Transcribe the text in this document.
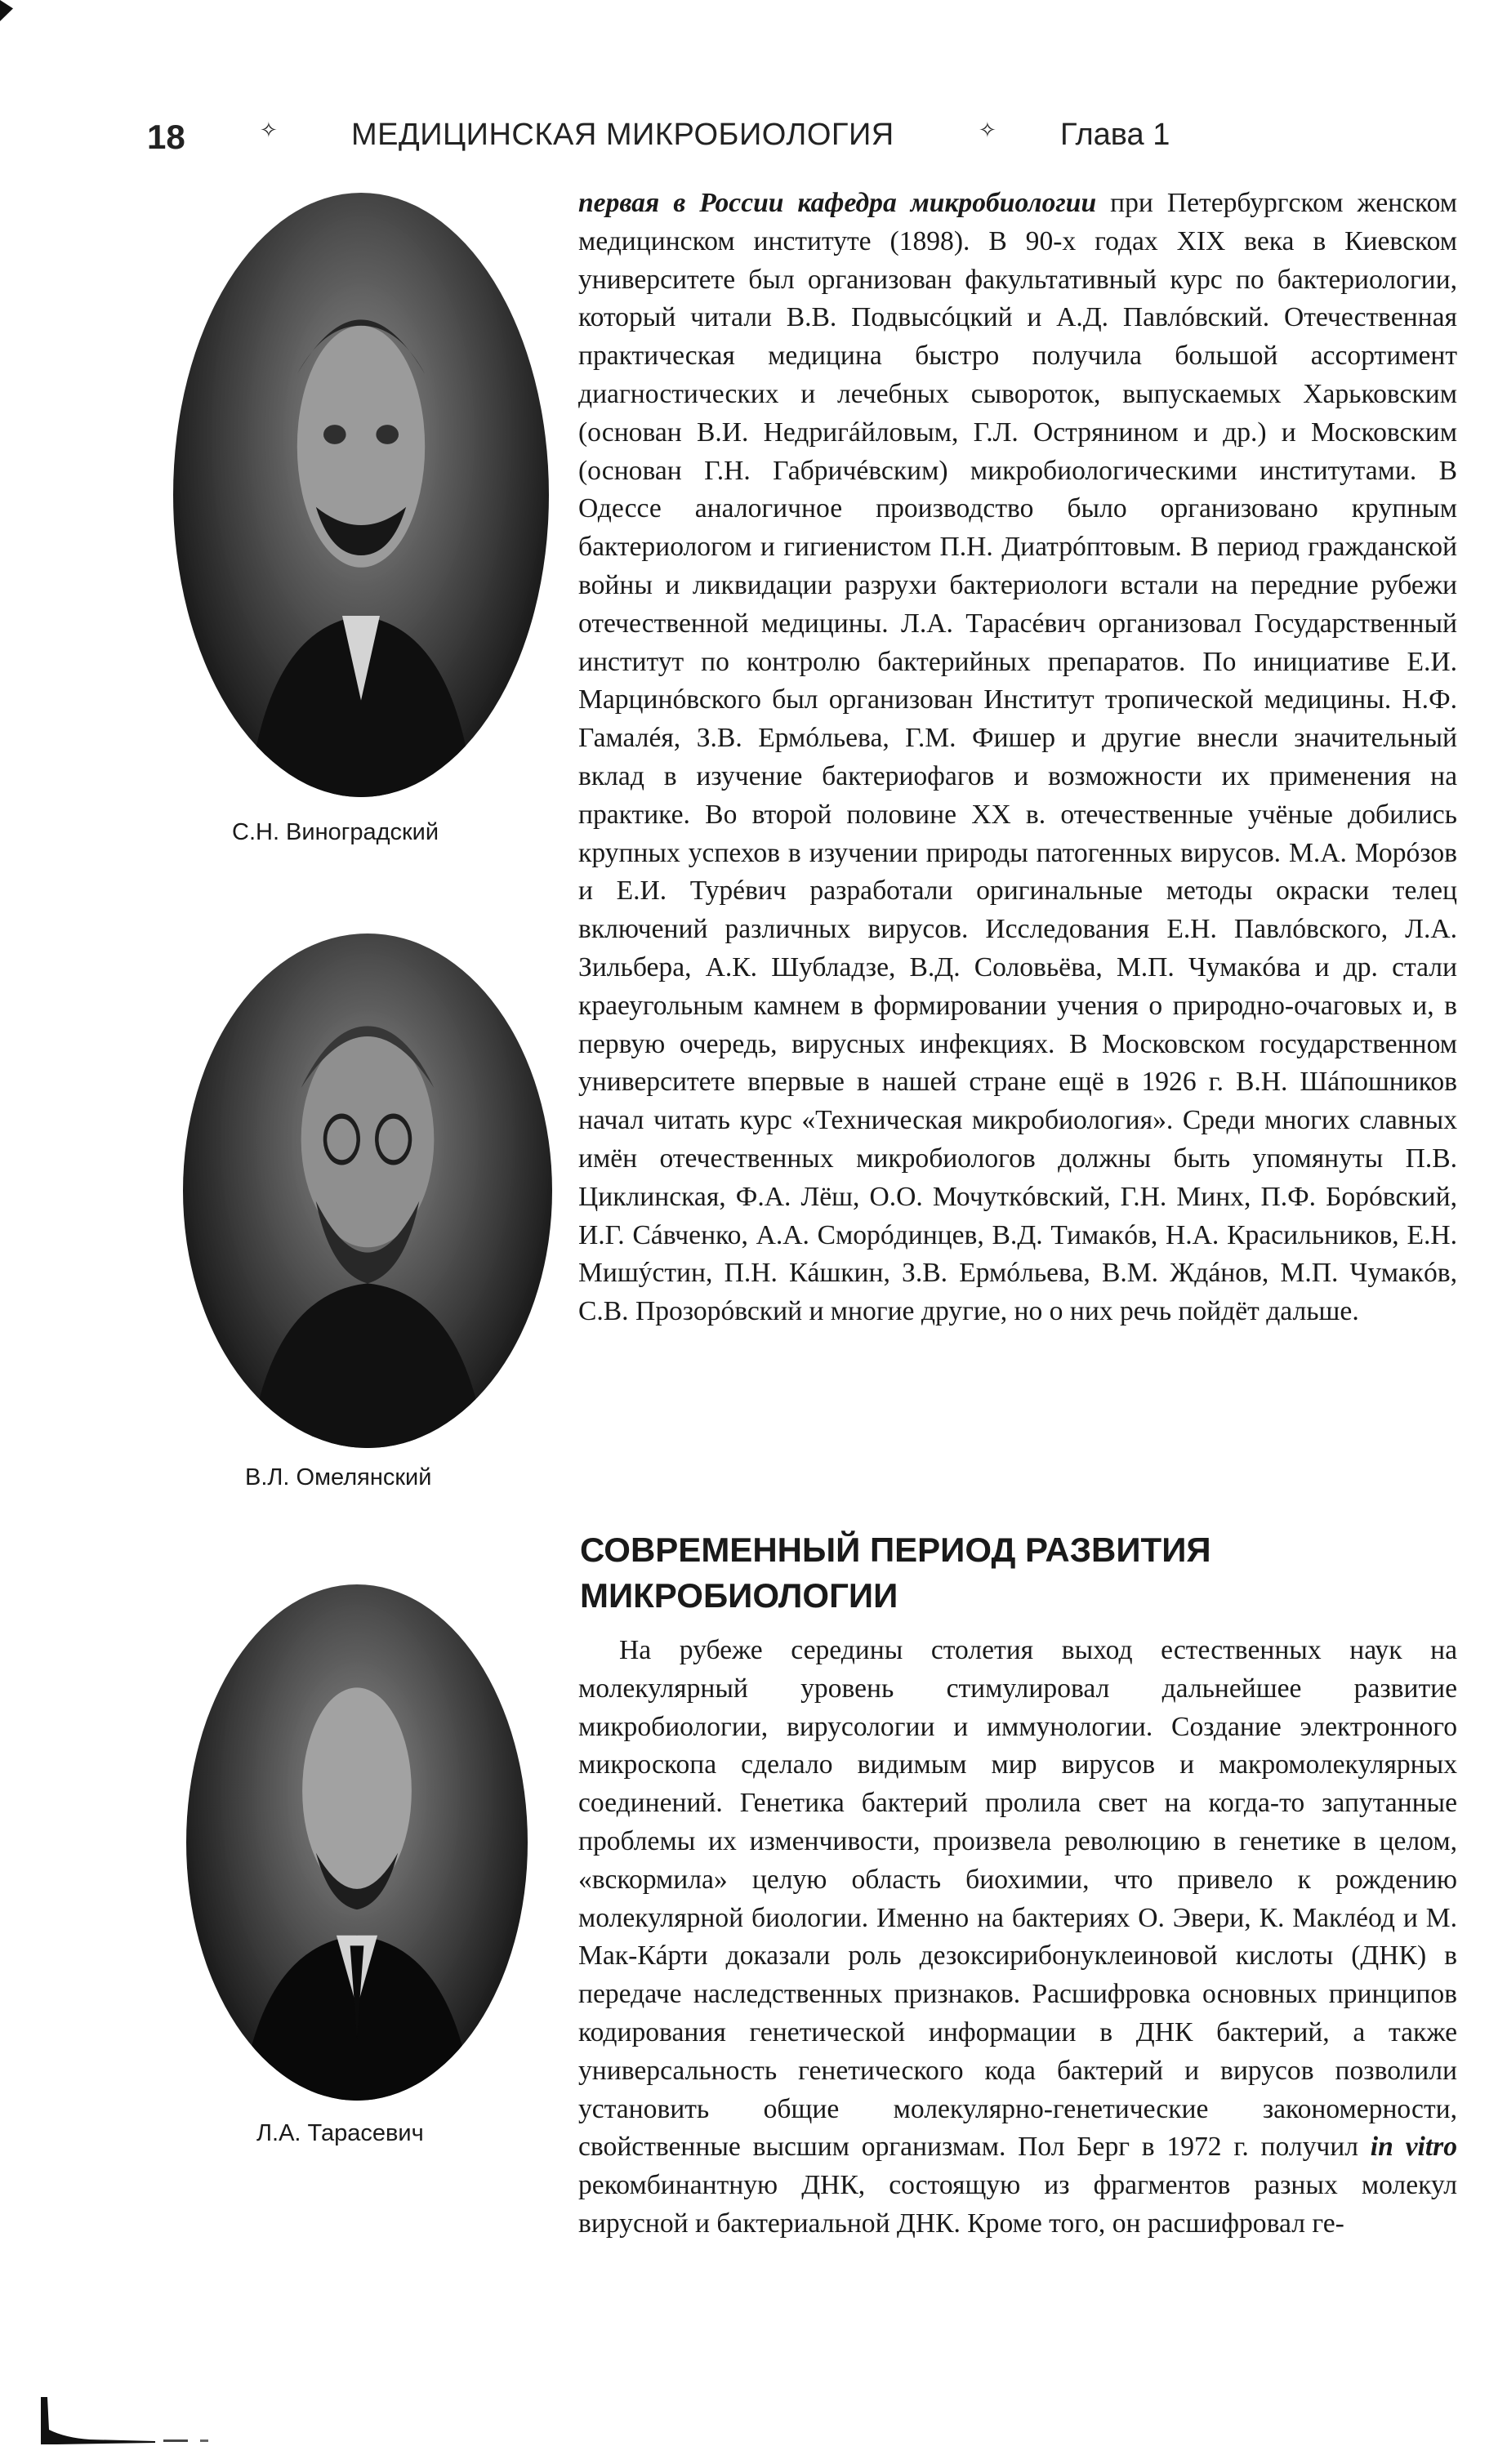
18	✧ МЕДИЦИНСКАЯ МИКРОБИОЛОГИЯ	✧ Глава 1
С.Н. Виноградский
В.Л. Омелянский
Л.А. Тарасевич

первая в России кафедра микробиологии при Петербургском женском медицинском институте (1898). В 90-х годах XIX века в Киевском университете был организован факультативный курс по бактериологии, который читали В.В. Подвысóцкий и А.Д. Павлóвский. Отечественная практическая медицина быстро получила большой ассортимент диагностических и лечебных сывороток, выпускаемых Харьковским (основан В.И. Недригáйловым, Г.Л. Острянином и др.) и Московским (основан Г.Н. Габричéвским) микробиологическими институтами. В Одессе аналогичное производство было организовано крупным бактериологом и гигиенистом П.Н. Диатрóптовым. В период гражданской войны и ликвидации разрухи бактериологи встали на передние рубежи отечественной медицины. Л.А. Тарасéвич организовал Государственный институт по контролю бактерийных препаратов. По инициативе Е.И. Марцинóвского был организован Институт тропической медицины. Н.Ф. Гамалéя, З.В. Ермóльева, Г.М. Фишер и другие внесли значительный вклад в изучение бактериофагов и возможности их применения на практике. Во второй половине XX в. отечественные учёные добились крупных успехов в изучении природы патогенных вирусов. М.А. Морóзов и Е.И. Турéвич разработали оригинальные методы окраски телец включений различных вирусов. Исследования Е.Н. Павлóвского, Л.А. Зильбера, А.К. Шубладзе, В.Д. Соловьёва, М.П. Чумакóва и др. стали краеугольным камнем в формировании учения о природно-очаговых и, в первую очередь, вирусных инфекциях. В Московском государственном университете впервые в нашей стране ещё в 1926 г. В.Н. Шáпошников начал читать курс «Техническая микробиология». Среди многих славных имён отечественных микробиологов должны быть упомянуты П.В. Циклинская, Ф.А. Лёш, О.О. Мочуткóвский, Г.Н. Минх, П.Ф. Бoрóвский, И.Г. Сáвченко, А.А. Сморóдинцев, В.Д. Тимакóв, Н.А. Красильников, Е.Н. Мишýстин, П.Н. Кáшкин, З.В. Ермóльева, В.М. Ждáнов, М.П. Чумакóв, С.В. Прозорóвский и многие другие, но о них речь пойдёт дальше.

СОВРЕМЕННЫЙ ПЕРИОД РАЗВИТИЯ МИКРОБИОЛОГИИ

На рубеже середины столетия выход естественных наук на молекулярный уровень стимулировал дальнейшее развитие микробиологии, вирусологии и иммунологии. Создание электронного микроскопа сделало видимым мир вирусов и макромолекулярных соединений. Генетика бактерий пролила свет на когда-то запутанные проблемы их изменчивости, произвела революцию в генетике в целом, «вскормила» целую область биохимии, что привело к рождению молекулярной биологии. Именно на бактериях О. Эвери, К. Маклéод и М. Мак-Кáрти доказали роль дезоксирибонуклеиновой кислоты (ДНК) в передаче наследственных признаков. Расшифровка основных принципов кодирования генетической информации в ДНК бактерий, а также универсальность генетического кода бактерий и вирусов позволили установить общие молекулярно-генетические закономерности, свойственные высшим организмам. Пол Берг в 1972 г. получил in vitro рекомбинантную ДНК, состоящую из фрагментов разных молекул вирусной и бактериальной ДНК. Кроме того, он расшифровал ге-
